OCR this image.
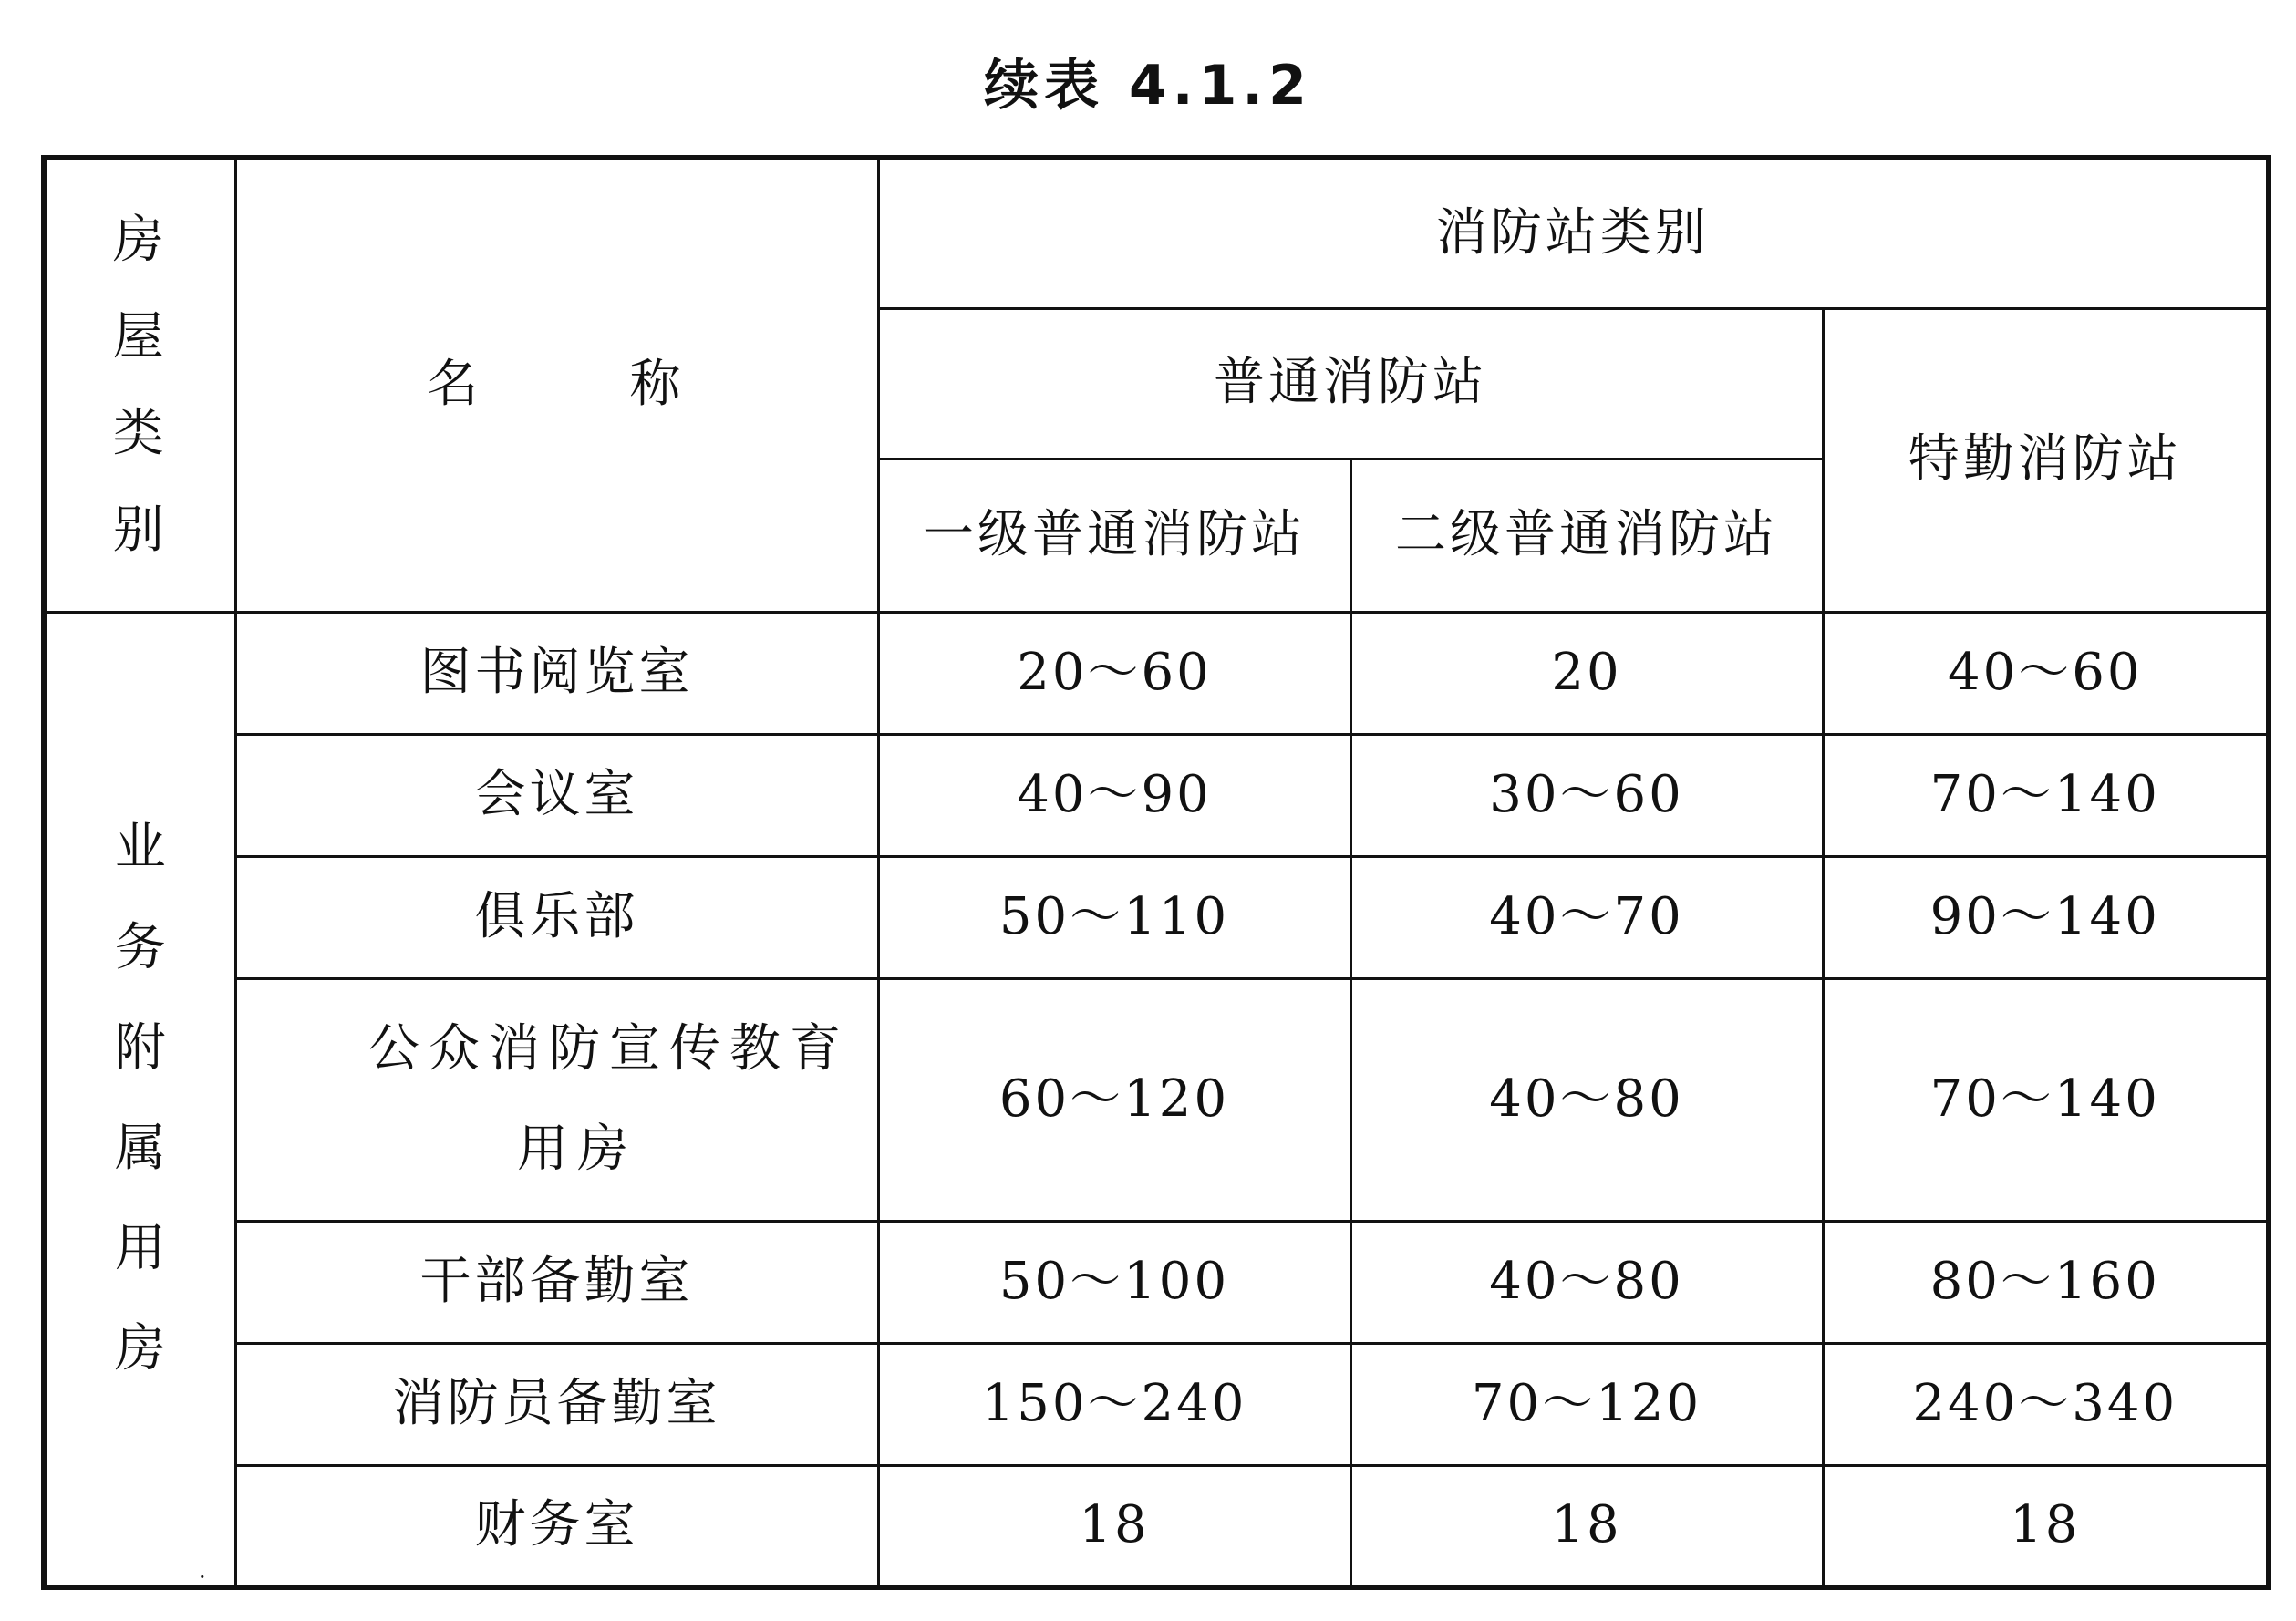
续表 4.1.2
房屋类别	名 称	消防站类别		
		普通消防站		特勤消防站
		一级普通消防站	二级普通消防站	
业务附属用房	图书阅览室	20～60	20	40～60
	会议室	40～90	30～60	70～140
	俱乐部	50～110	40～70	90～140
	公众消防宣传教育用房	60～120	40～80	70～140
	干部备勤室	50～100	40～80	80～160
	消防员备勤室	150～240	70～120	240～340
	财务室	18	18	18
·
